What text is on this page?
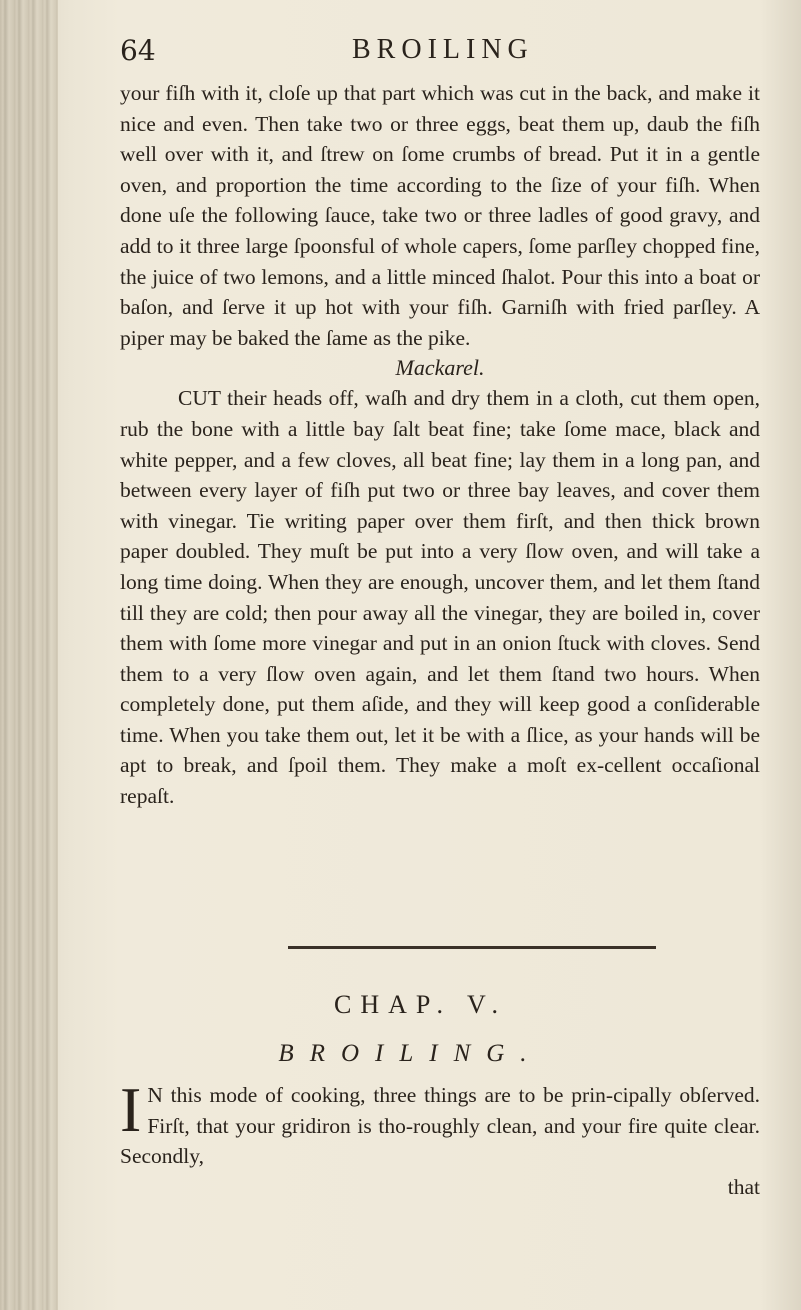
64	BROILING

your fiſh with it, cloſe up that part which was cut in the back, and make it nice and even. Then take two or three eggs, beat them up, daub the fiſh well over with it, and ſtrew on ſome crumbs of bread. Put it in a gentle oven, and proportion the time according to the ſize of your fiſh. When done uſe the following ſauce, take two or three ladles of good gravy, and add to it three large ſpoonsful of whole capers, ſome parſley chopped fine, the juice of two lemons, and a little minced ſhalot. Pour this into a boat or baſon, and ſerve it up hot with your fiſh. Garniſh with fried parſley. A piper may be baked the ſame as the pike.

Mackarel.

CUT their heads off, waſh and dry them in a cloth, cut them open, rub the bone with a little bay ſalt beat fine; take ſome mace, black and white pepper, and a few cloves, all beat fine; lay them in a long pan, and between every layer of fiſh put two or three bay leaves, and cover them with vinegar. Tie writing paper over them firſt, and then thick brown paper doubled. They muſt be put into a very ſlow oven, and will take a long time doing. When they are enough, uncover them, and let them ſtand till they are cold; then pour away all the vinegar, they are boiled in, cover them with ſome more vinegar and put in an onion ſtuck with cloves. Send them to a very ſlow oven again, and let them ſtand two hours. When completely done, put them aſide, and they will keep good a conſiderable time. When you take them out, let it be with a ſlice, as your hands will be apt to break, and ſpoil them. They make a moſt ex-cellent occaſional repaſt.

CHAP. V.
BROILING.
I N this mode of cooking, three things are to be prin-cipally obſerved. Firſt, that your gridiron is tho-roughly clean, and your fire quite clear. Secondly,

that
